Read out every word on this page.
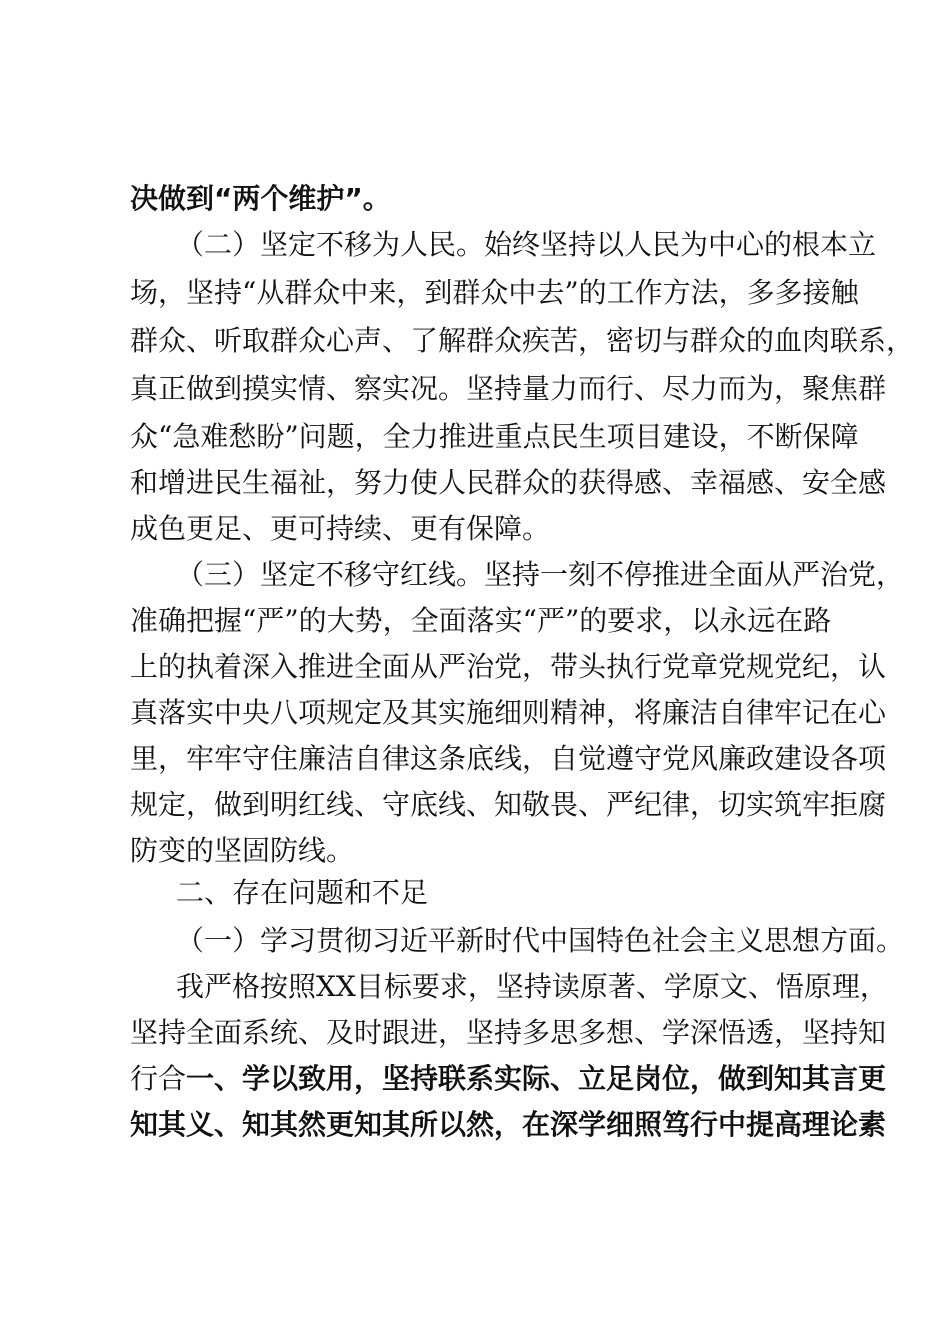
决做到“两个维护”。
（二）坚定不移为人民。始终坚持以人民为中心的根本立
场，坚持“从群众中来，到群众中去”的工作方法，多多接触
群众、听取群众心声、了解群众疾苦，密切与群众的血肉联系，
真正做到摸实情、察实况。坚持量力而行、尽力而为，聚焦群
众“急难愁盼”问题，全力推进重点民生项目建设，不断保障
和增进民生福祉，努力使人民群众的获得感、幸福感、安全感
成色更足、更可持续、更有保障。
（三）坚定不移守红线。坚持一刻不停推进全面从严治党，
准确把握“严”的大势，全面落实“严”的要求，以永远在路
上的执着深入推进全面从严治党，带头执行党章党规党纪，认
真落实中央八项规定及其实施细则精神，将廉洁自律牢记在心
里，牢牢守住廉洁自律这条底线，自觉遵守党风廉政建设各项
规定，做到明红线、守底线、知敬畏、严纪律，切实筑牢拒腐
防变的坚固防线。
二、存在问题和不足
（一）学习贯彻习近平新时代中国特色社会主义思想方面。
我严格按照XX目标要求，坚持读原著、学原文、悟原理，
坚持全面系统、及时跟进，坚持多思多想、学深悟透，坚持知
行合一、学以致用，坚持联系实际、立足岗位，做到知其言更
知其义、知其然更知其所以然，在深学细照笃行中提高理论素
